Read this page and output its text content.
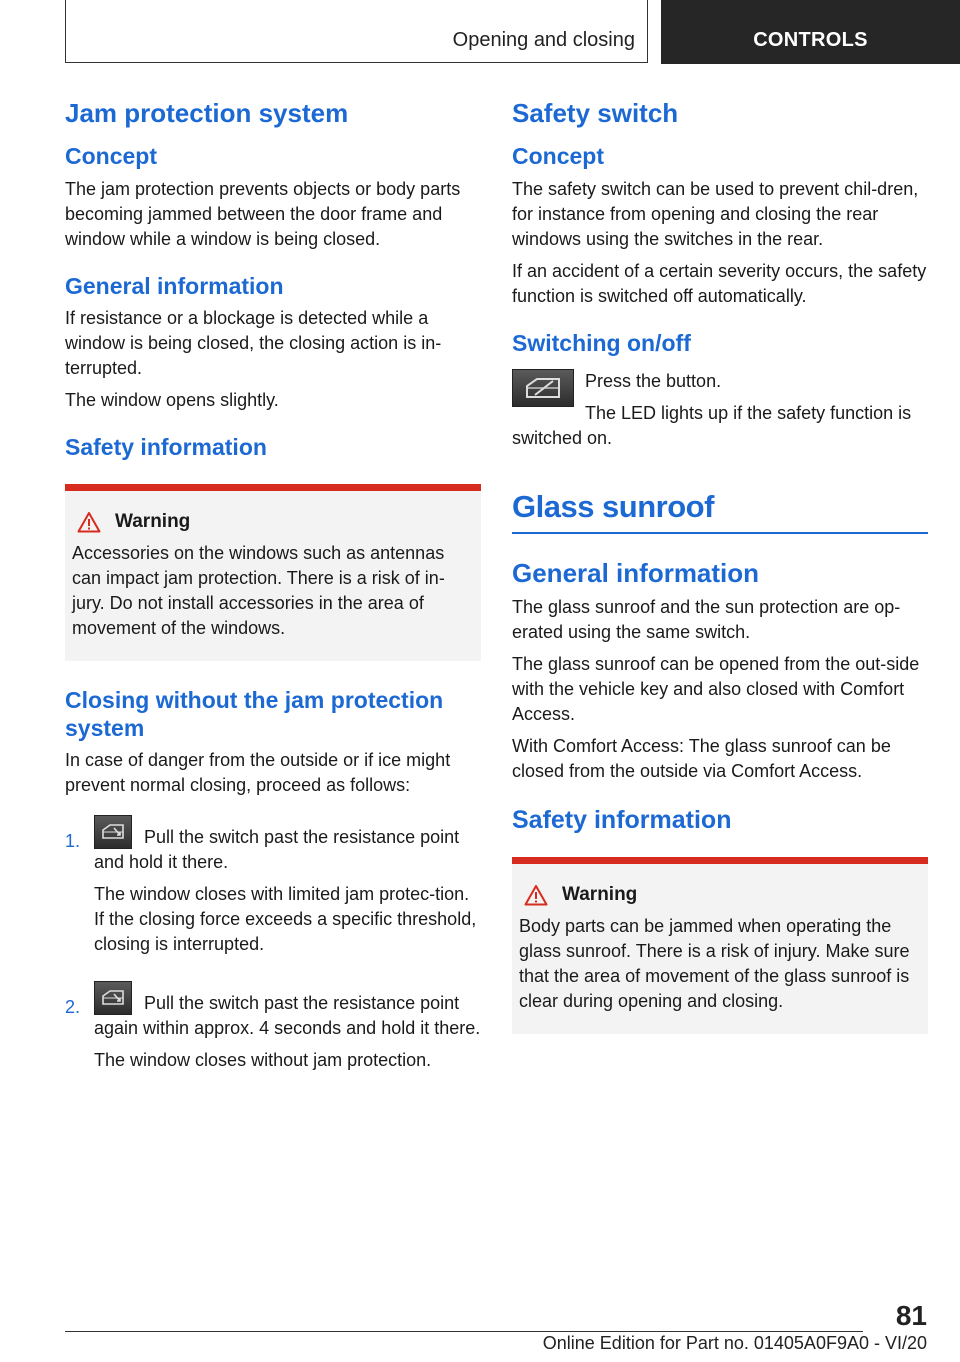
Opening and closing	CONTROLS
Jam protection system
Concept

The jam protection prevents objects or body parts becoming jammed between the door frame and window while a window is being closed.

General information

If resistance or a blockage is detected while a window is being closed, the closing action is in-terrupted.

The window opens slightly.

Safety information
Warning

Accessories on the windows such as antennas can impact jam protection. There is a risk of in-jury. Do not install accessories in the area of movement of the windows.

Closing without the jam protection system

In case of danger from the outside or if ice might prevent normal closing, proceed as follows:

1.	Pull the switch past the resistance point and hold it there.

The window closes with limited jam protec-tion. If the closing force exceeds a specific threshold, closing is interrupted.

2.	Pull the switch past the resistance point again within approx. 4 seconds and hold it there.

The window closes without jam protection.

Safety switch
Concept

The safety switch can be used to prevent chil-dren, for instance from opening and closing the rear windows using the switches in the rear.

If an accident of a certain severity occurs, the safety function is switched off automatically.

Switching on/off

Press the button.

The LED lights up if the safety function is switched on.

Glass sunroof
General information

The glass sunroof and the sun protection are op-erated using the same switch.

The glass sunroof can be opened from the out-side with the vehicle key and also closed with Comfort Access.

With Comfort Access: The glass sunroof can be closed from the outside via Comfort Access.

Safety information
Warning

Body parts can be jammed when operating the glass sunroof. There is a risk of injury. Make sure that the area of movement of the glass sunroof is clear during opening and closing.

81
Online Edition for Part no. 01405A0F9A0 - VI/20
